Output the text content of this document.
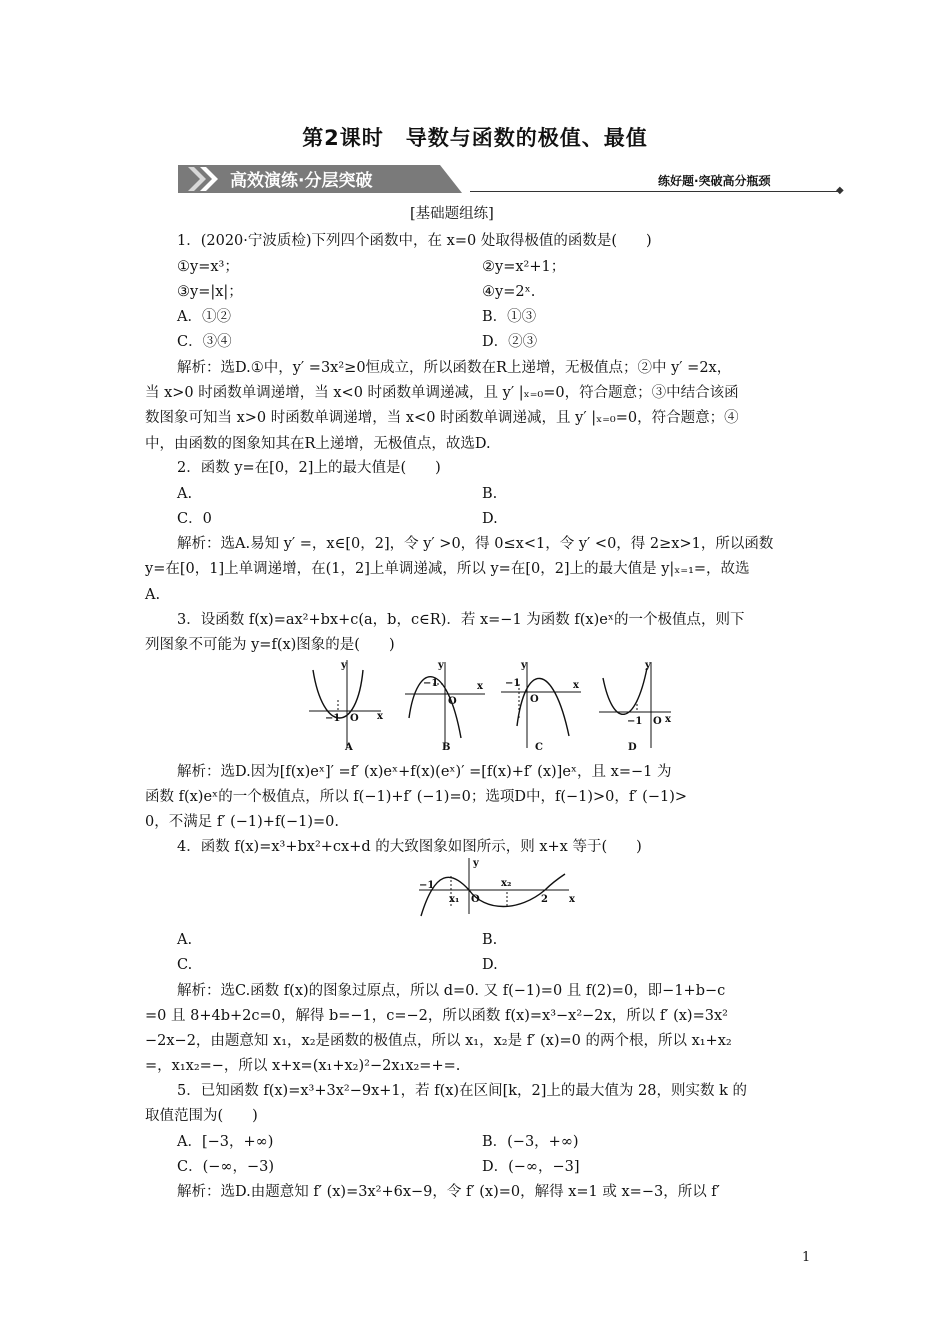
第2课时　导数与函数的极值、最值
高效演练·分层突破	练好题·突破高分瓶颈
◆
[基础题组练]
1．(2020·宁波质检)下列四个函数中，在 x=0 处取得极值的函数是(　　)
①y=x³；	②y=x²+1；
③y=|x|；	④y=2ˣ.
A．①②	B．①③
C．③④	D．②③
解析：选D.①中，y′ =3x²≥0恒成立，所以函数在R上递增，无极值点；②中 y′ =2x，
当 x>0 时函数单调递增，当 x<0 时函数单调递减，且 y′ |ₓ₌₀=0，符合题意；③中结合该函
数图象可知当 x>0 时函数单调递增，当 x<0 时函数单调递减，且 y′ |ₓ₌₀=0，符合题意；④
中，由函数的图象知其在R上递增，无极值点，故选D.
2．函数 y=在[0，2]上的最大值是(　　)
A.	B.
C．0	D.
解析：选A.易知 y′ =，x∈[0，2]，令 y′ >0，得 0≤x<1，令 y′ <0，得 2≥x>1，所以函数
y=在[0，1]上单调递增，在(1，2]上单调递减，所以 y=在[0，2]上的最大值是 y|ₓ₌₁=，故选
A.
3．设函数 f(x)=ax²+bx+c(a，b，c∈R)．若 x=−1 为函数 f(x)eˣ的一个极值点，则下
列图象不可能为 y=f(x)图象的是(　　)
y
x
−1 O
A
y
x
−1
O
B
y
x
−1
O
C
y
x
−1 O
D
解析：选D.因为[f(x)eˣ]′ =f′ (x)eˣ+f(x)(eˣ)′ =[f(x)+f′ (x)]eˣ，且 x=−1 为
函数 f(x)eˣ的一个极值点，所以 f(−1)+f′ (−1)=0；选项D中，f(−1)>0，f′ (−1)>
0，不满足 f′ (−1)+f(−1)=0.
4．函数 f(x)=x³+bx²+cx+d 的大致图象如图所示，则 x+x 等于(　　)
−1
y
x
x₁ O
x₂
2
A.	B.
C.	D.
解析：选C.函数 f(x)的图象过原点，所以 d=0. 又 f(−1)=0 且 f(2)=0，即−1+b−c
=0 且 8+4b+2c=0，解得 b=−1，c=−2，所以函数 f(x)=x³−x²−2x，所以 f′ (x)=3x²
−2x−2，由题意知 x₁，x₂是函数的极值点，所以 x₁，x₂是 f′ (x)=0 的两个根，所以 x₁+x₂
=，x₁x₂=−，所以 x+x=(x₁+x₂)²−2x₁x₂=+=.
5．已知函数 f(x)=x³+3x²−9x+1，若 f(x)在区间[k，2]上的最大值为 28，则实数 k 的
取值范围为(　　)
A．[−3，+∞)	B．(−3，+∞)
C．(−∞，−3)	D．(−∞，−3]
解析：选D.由题意知 f′ (x)=3x²+6x−9，令 f′ (x)=0，解得 x=1 或 x=−3，所以 f′
1
